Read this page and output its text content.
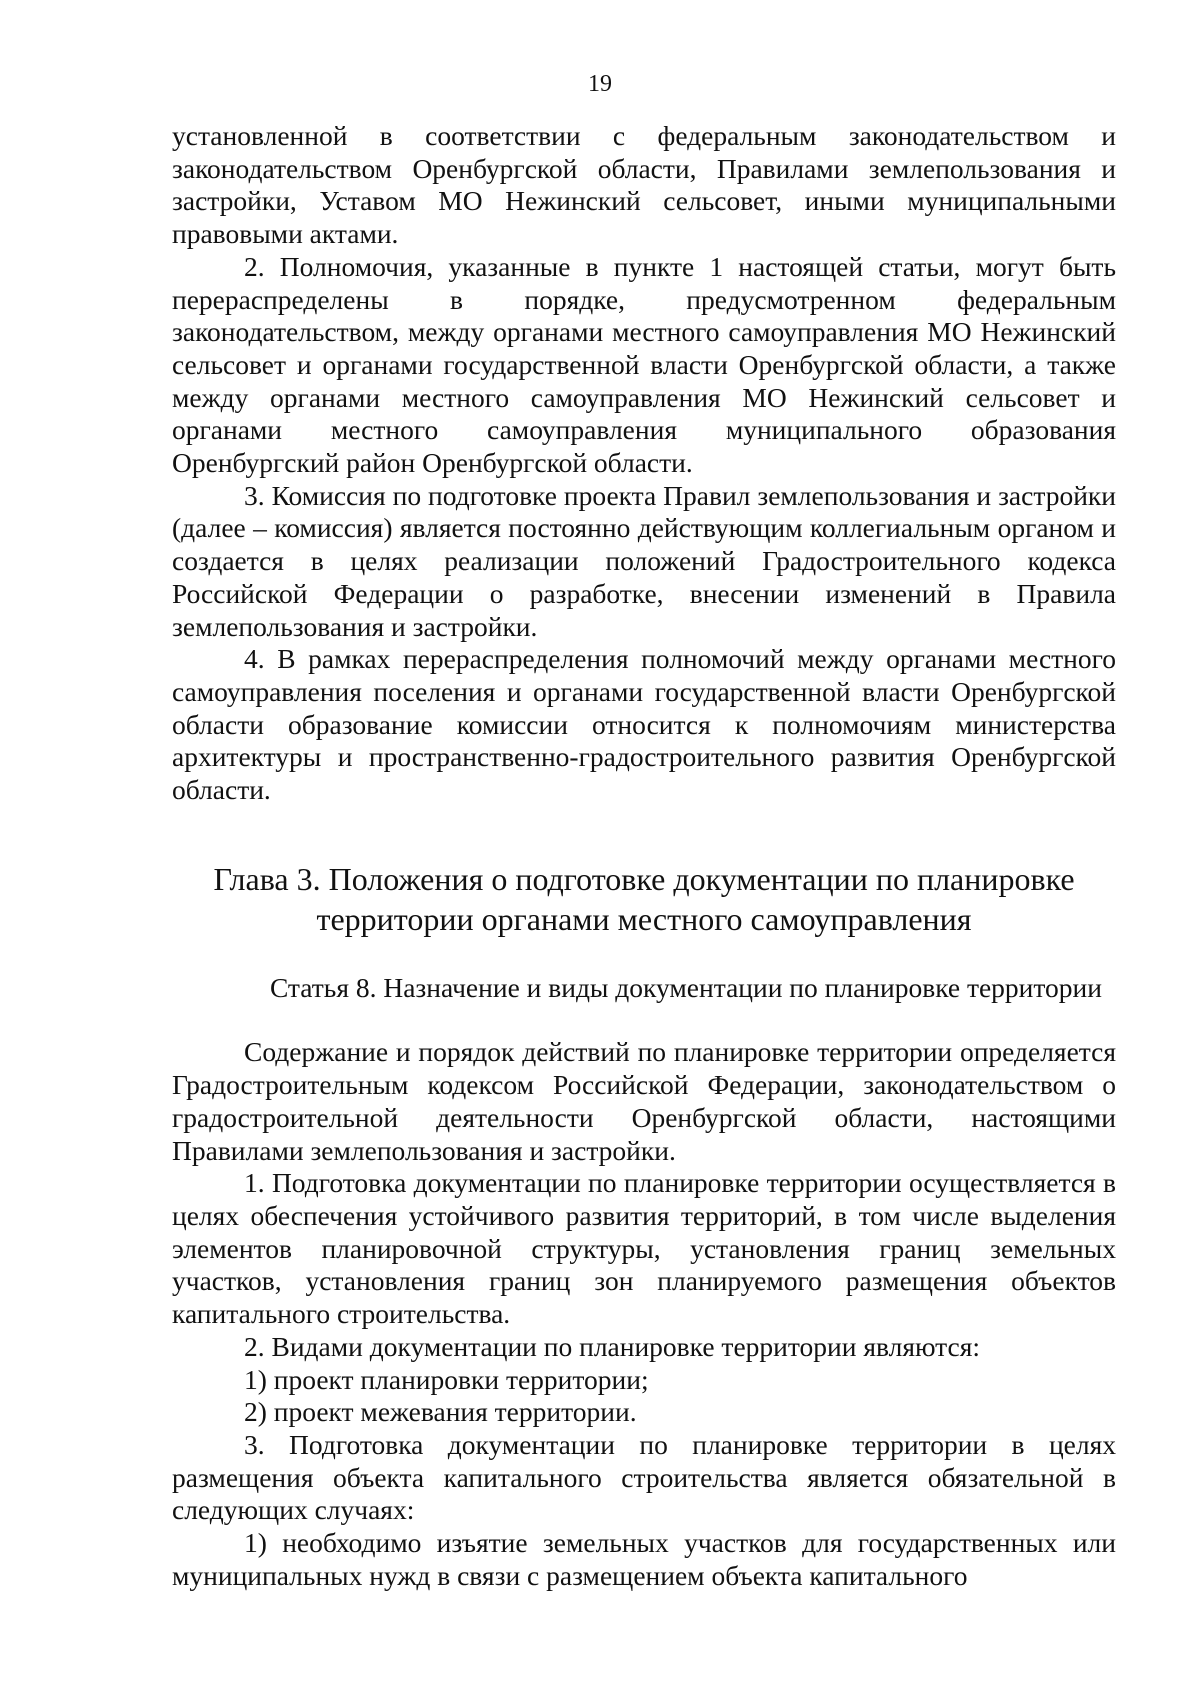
19

установленной в соответствии с федеральным законодательством и законодательством Оренбургской области, Правилами землепользования и застройки, Уставом МО Нежинский сельсовет, иными муниципальными правовыми актами.

2. Полномочия, указанные в пункте 1 настоящей статьи, могут быть перераспределены в порядке, предусмотренном федеральным законодательством, между органами местного самоуправления МО Нежинский сельсовет и органами государственной власти Оренбургской области, а также между органами местного самоуправления МО Нежинский сельсовет и органами местного самоуправления муниципального образования Оренбургский район Оренбургской области.

3. Комиссия по подготовке проекта Правил землепользования и застройки (далее – комиссия) является постоянно действующим коллегиальным органом и создается в целях реализации положений Градостроительного кодекса Российской Федерации о разработке, внесении изменений в Правила землепользования и застройки.

4. В рамках перераспределения полномочий между органами местного самоуправления поселения и органами государственной власти Оренбургской области образование комиссии относится к полномочиям министерства архитектуры и пространственно-градостроительного развития Оренбургской области.

Глава 3. Положения о подготовке документации по планировке территории органами местного самоуправления

Статья 8. Назначение и виды документации по планировке территории

Содержание и порядок действий по планировке территории определяется Градостроительным кодексом Российской Федерации, законодательством о градостроительной деятельности Оренбургской области, настоящими Правилами землепользования и застройки.

1. Подготовка документации по планировке территории осуществляется в целях обеспечения устойчивого развития территорий, в том числе выделения элементов планировочной структуры, установления границ земельных участков, установления границ зон планируемого размещения объектов капитального строительства.

2. Видами документации по планировке территории являются:

1) проект планировки территории;

2) проект межевания территории.

3. Подготовка документации по планировке территории в целях размещения объекта капитального строительства является обязательной в следующих случаях:

1) необходимо изъятие земельных участков для государственных или муниципальных нужд в связи с размещением объекта капитального
